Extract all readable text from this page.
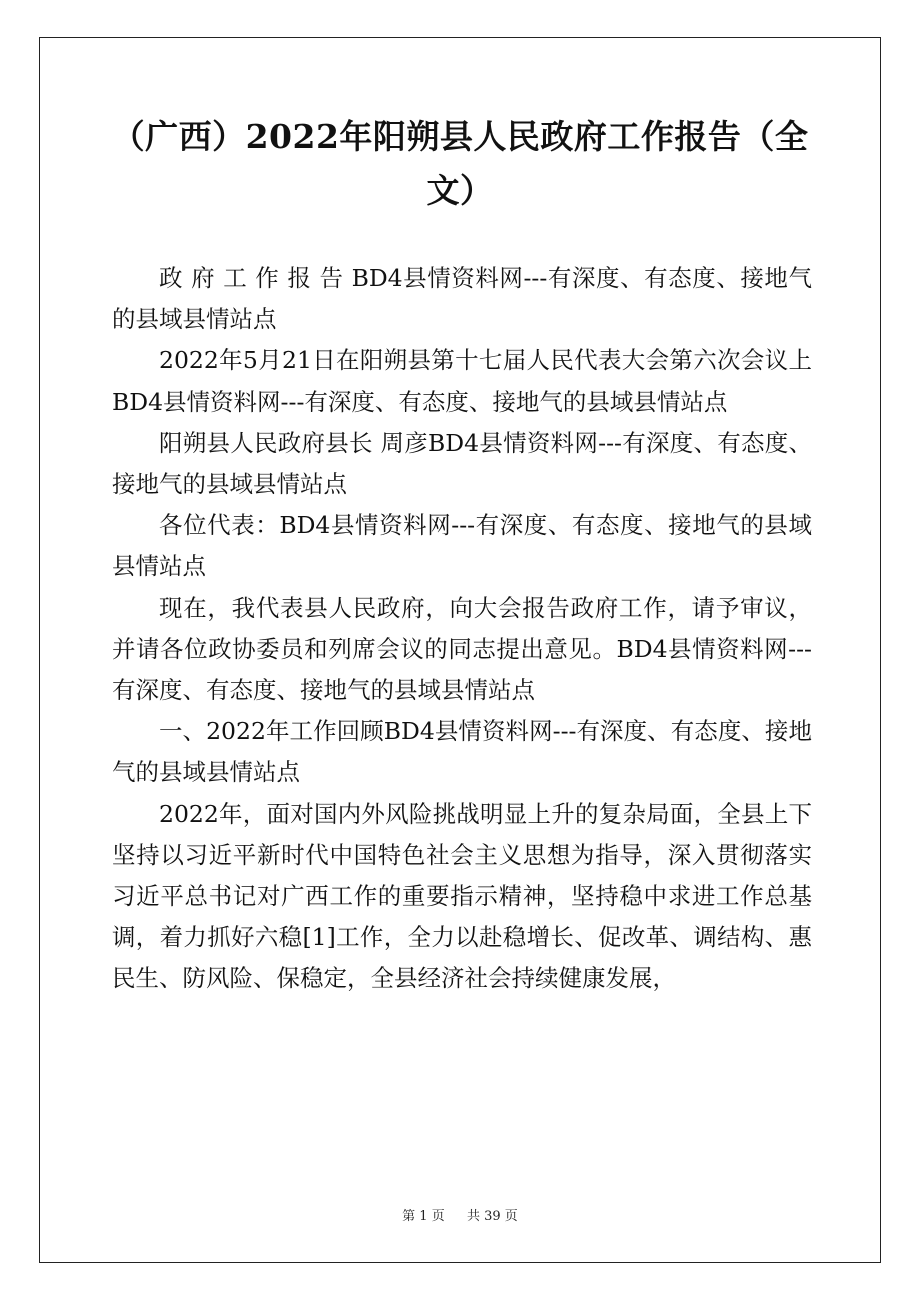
（广西）2022年阳朔县人民政府工作报告（全文）

政 府 工 作 报 告 BD4县情资料网---有深度、有态度、接地气的县域县情站点

2022年5月21日在阳朔县第十七届人民代表大会第六次会议上BD4县情资料网---有深度、有态度、接地气的县域县情站点

阳朔县人民政府县长 周彦BD4县情资料网---有深度、有态度、接地气的县域县情站点

各位代表：BD4县情资料网---有深度、有态度、接地气的县域县情站点

现在，我代表县人民政府，向大会报告政府工作，请予审议，并请各位政协委员和列席会议的同志提出意见。BD4县情资料网---有深度、有态度、接地气的县域县情站点

一、2022年工作回顾BD4县情资料网---有深度、有态度、接地气的县域县情站点

2022年，面对国内外风险挑战明显上升的复杂局面，全县上下坚持以习近平新时代中国特色社会主义思想为指导，深入贯彻落实习近平总书记对广西工作的重要指示精神，坚持稳中求进工作总基调，着力抓好六稳[1]工作，全力以赴稳增长、促改革、调结构、惠民生、防风险、保稳定，全县经济社会持续健康发展，

第 1 页 共 39 页
